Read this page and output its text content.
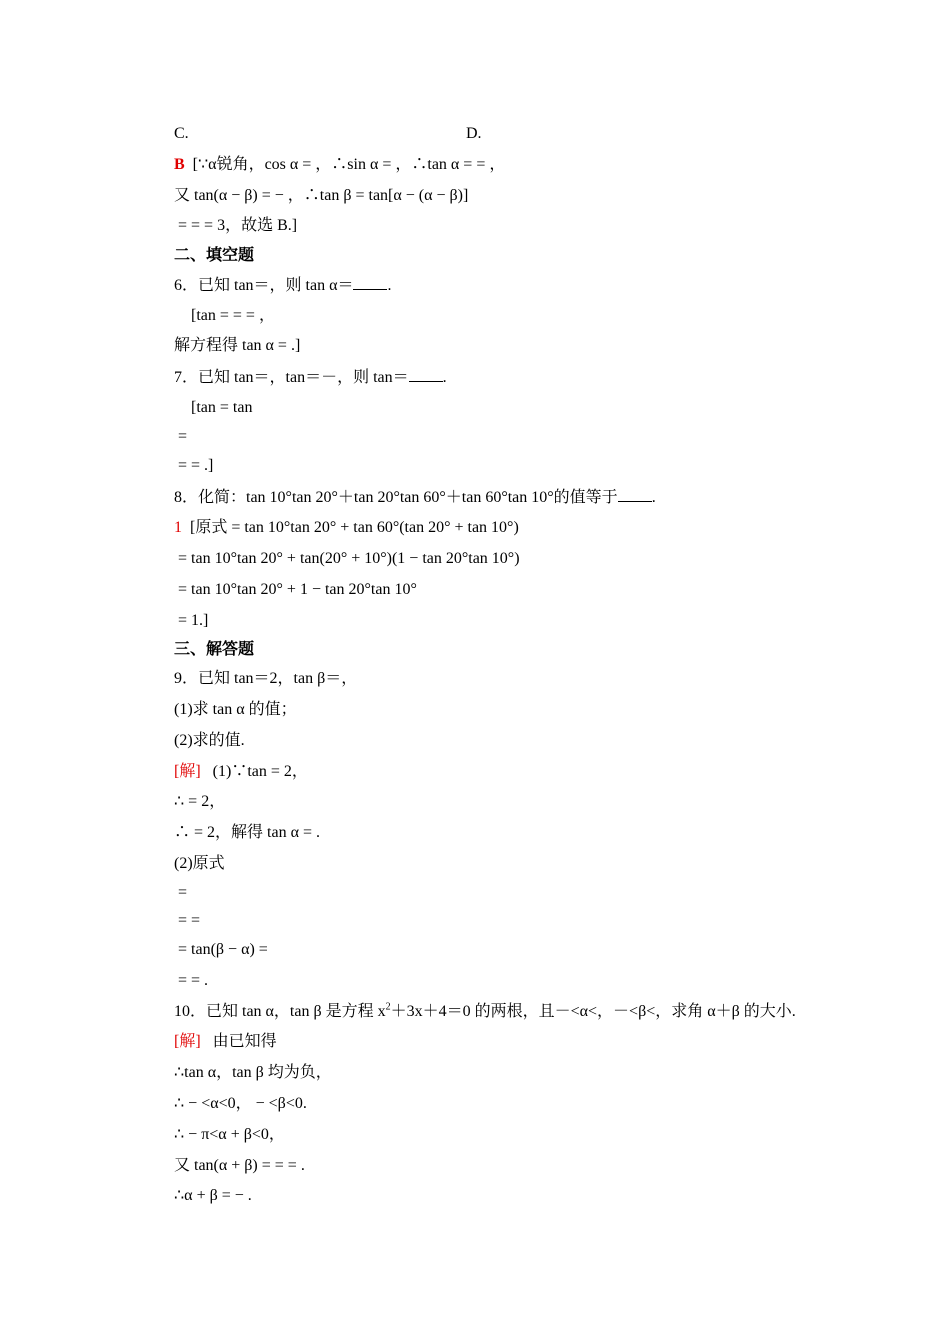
C.	D.
B [∵α锐角，cos α = ，∴sin α = ，∴tan α = = ，
又 tan(α − β) = − ，∴tan β = tan[α − (α − β)]
= = = 3，故选 B.]
二、填空题
6．已知 tan＝，则 tan α＝ .
[tan = = = ，
解方程得 tan α = .]
7．已知 tan＝，tan＝－，则 tan＝ .
[tan = tan
=
= = .]
8．化简：tan 10°tan 20°＋tan 20°tan 60°＋tan 60°tan 10°的值等于 .
1 [原式 = tan 10°tan 20° + tan 60°(tan 20° + tan 10°)
= tan 10°tan 20° + tan(20° + 10°)(1 − tan 20°tan 10°)
= tan 10°tan 20° + 1 − tan 20°tan 10°
= 1.]
三、解答题
9．已知 tan＝2，tan β＝，
(1)求 tan α 的值；
(2)求的值.
[解] (1)∵tan = 2，
∴ = 2，
∴ = 2，解得 tan α = .
(2)原式
=
= =
= tan(β − α) =
= = .
10．已知 tan α，tan β 是方程 $x^2+3x+4=0$ 的两根，且－<α<，－<β<，求角 α＋β 的大小.
[解] 由已知得
∴tan α，tan β 均为负，
∴ − <α<0， − <β<0.
∴ − π<α + β<0，
又 tan(α + β) = = = .
∴α + β = − .
